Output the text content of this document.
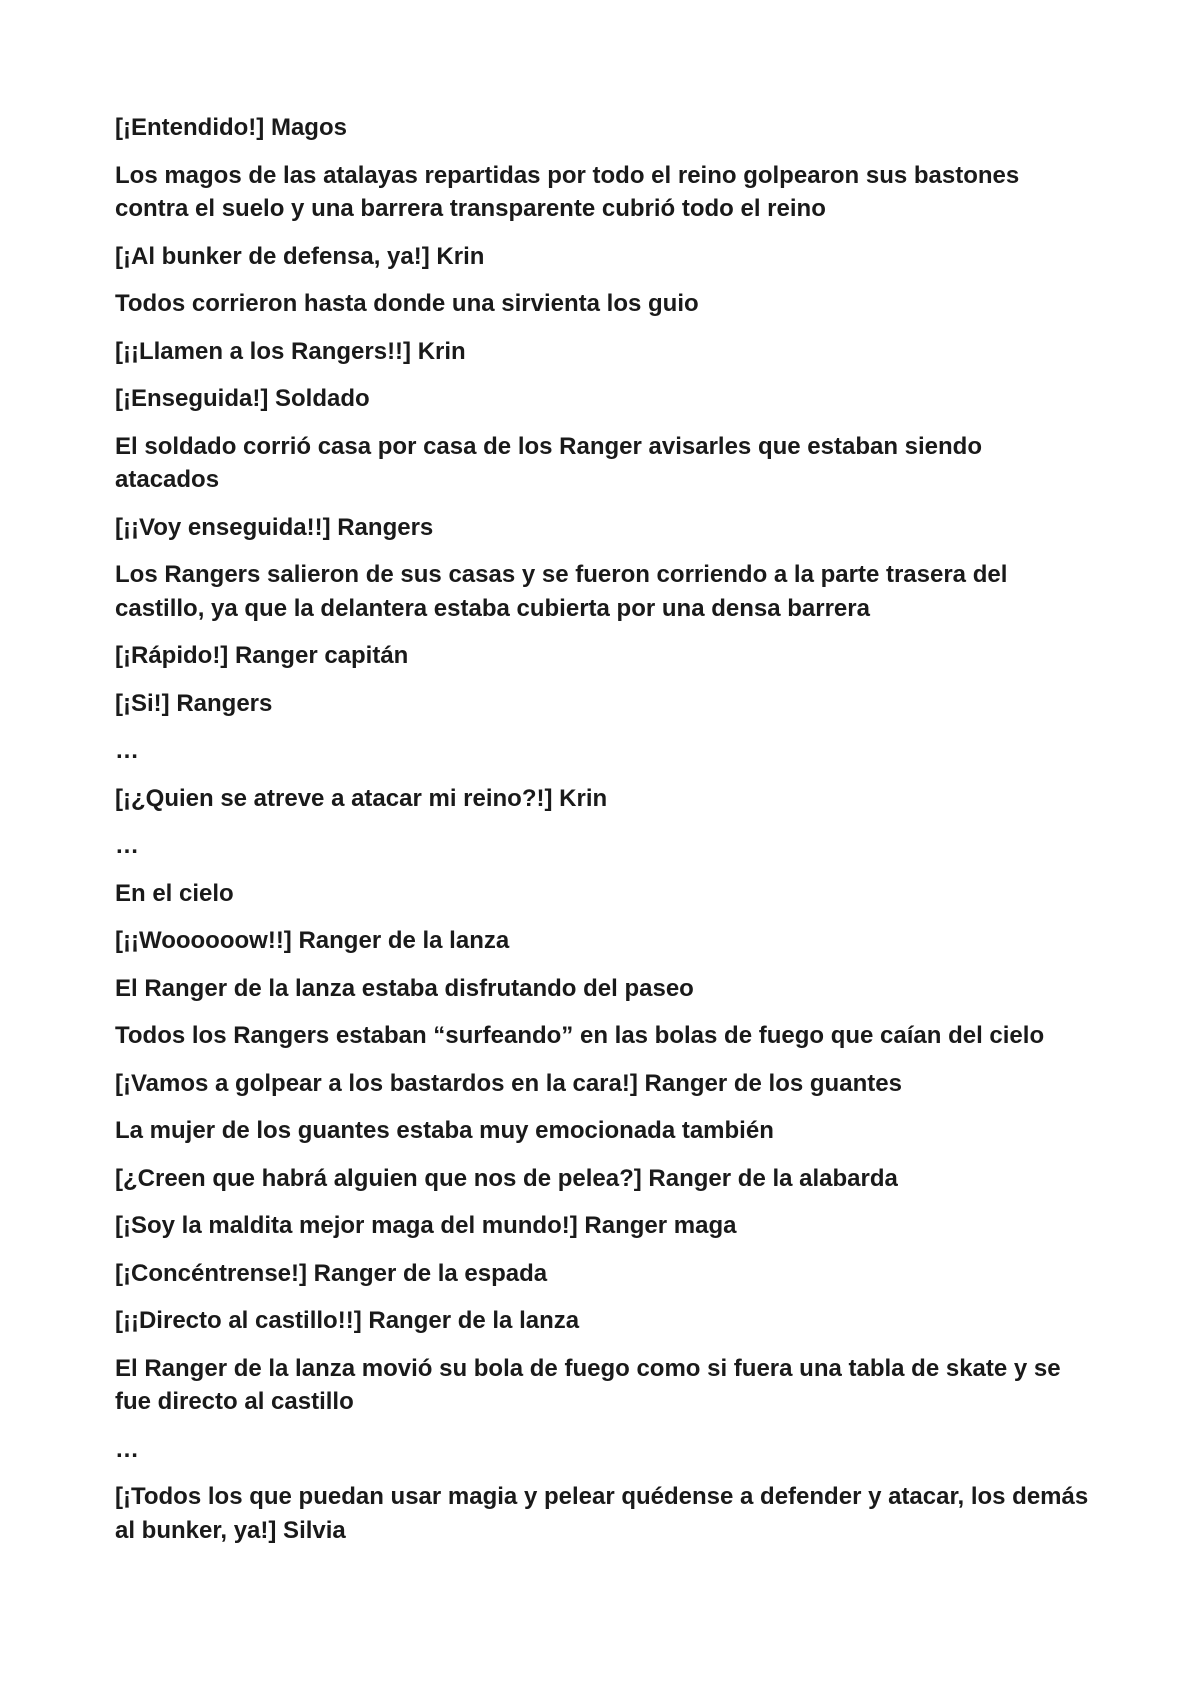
[¡Entendido!] Magos

Los magos de las atalayas repartidas por todo el reino golpearon sus bastones contra el suelo y una barrera transparente cubrió todo el reino

[¡Al bunker de defensa, ya!] Krin

Todos corrieron hasta donde una sirvienta los guio

[¡¡Llamen a los Rangers!!] Krin

[¡Enseguida!] Soldado

El soldado corrió casa por casa de los Ranger avisarles que estaban siendo atacados

[¡¡Voy enseguida!!] Rangers

Los Rangers salieron de sus casas y se fueron corriendo a la parte trasera del castillo, ya que la delantera estaba cubierta por una densa barrera

[¡Rápido!] Ranger capitán

[¡Si!] Rangers

…

[¡¿Quien se atreve a atacar mi reino?!] Krin

…

En el cielo

[¡¡Woooooow!!] Ranger de la lanza

El Ranger de la lanza estaba disfrutando del paseo

Todos los Rangers estaban “surfeando” en las bolas de fuego que caían del cielo

[¡Vamos a golpear a los bastardos en la cara!] Ranger de los guantes

La mujer de los guantes estaba muy emocionada también

[¿Creen que habrá alguien que nos de pelea?] Ranger de la alabarda

[¡Soy la maldita mejor maga del mundo!] Ranger maga

[¡Concéntrense!] Ranger de la espada

[¡¡Directo al castillo!!] Ranger de la lanza

El Ranger de la lanza movió su bola de fuego como si fuera una tabla de skate y se fue directo al castillo

…

[¡Todos los que puedan usar magia y pelear quédense a defender y atacar, los demás al bunker, ya!] Silvia
